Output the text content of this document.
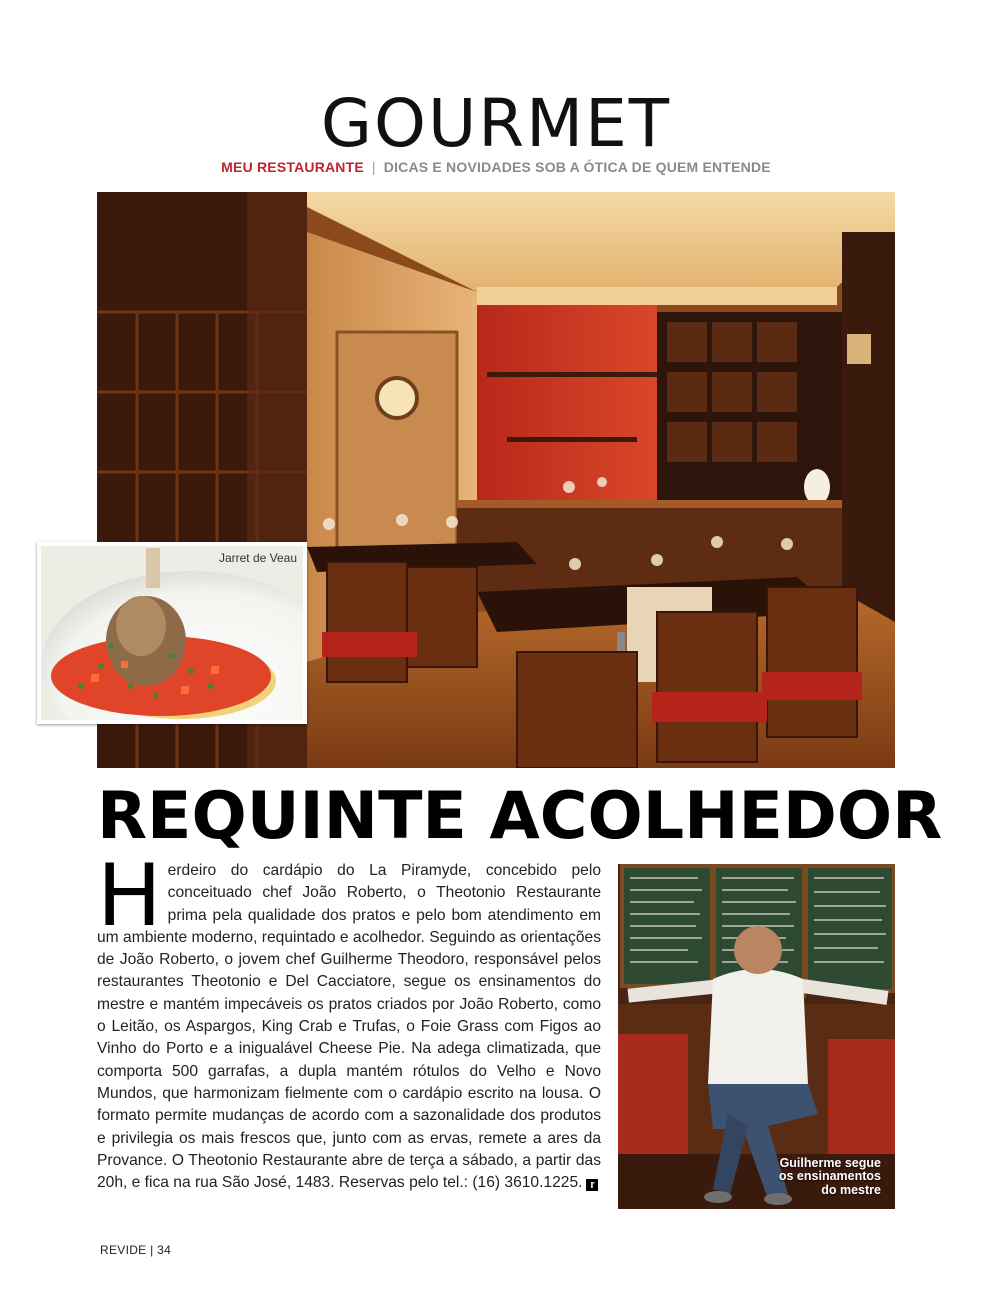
GOURMET
MEU RESTAURANTE | DICAS E NOVIDADES SOB A ÓTICA DE QUEM ENTENDE
Jarret de Veau
REQUINTE ACOLHEDOR

Herdeiro do cardápio do La Piramyde, concebido pelo conceituado chef João Roberto, o Theotonio Restaurante prima pela qualidade dos pratos e pelo bom atendimento em um ambiente moderno, requintado e acolhedor. Seguindo as orientações de João Roberto, o jovem chef Guilherme Theodoro, responsável pelos restaurantes Theotonio e Del Cacciatore, segue os ensinamentos do mestre e mantém impecáveis os pratos criados por João Roberto, como o Leitão, os Aspargos, King Crab e Trufas, o Foie Grass com Figos ao Vinho do Porto e a inigualável Cheese Pie. Na adega climatizada, que comporta 500 garrafas, a dupla mantém rótulos do Velho e Novo Mundos, que harmonizam fielmente com o cardápio escrito na lousa. O formato permite mudanças de acordo com a sazonalidade dos produtos e privilegia os mais frescos que, junto com as ervas, remete a ares da Provance. O Theotonio Restaurante abre de terça a sábado, a partir das 20h, e fica na rua São José, 1483. Reservas pelo tel.: (16) 3610.1225. r

Guilherme segue os ensinamentos do mestre
REVIDE | 34
